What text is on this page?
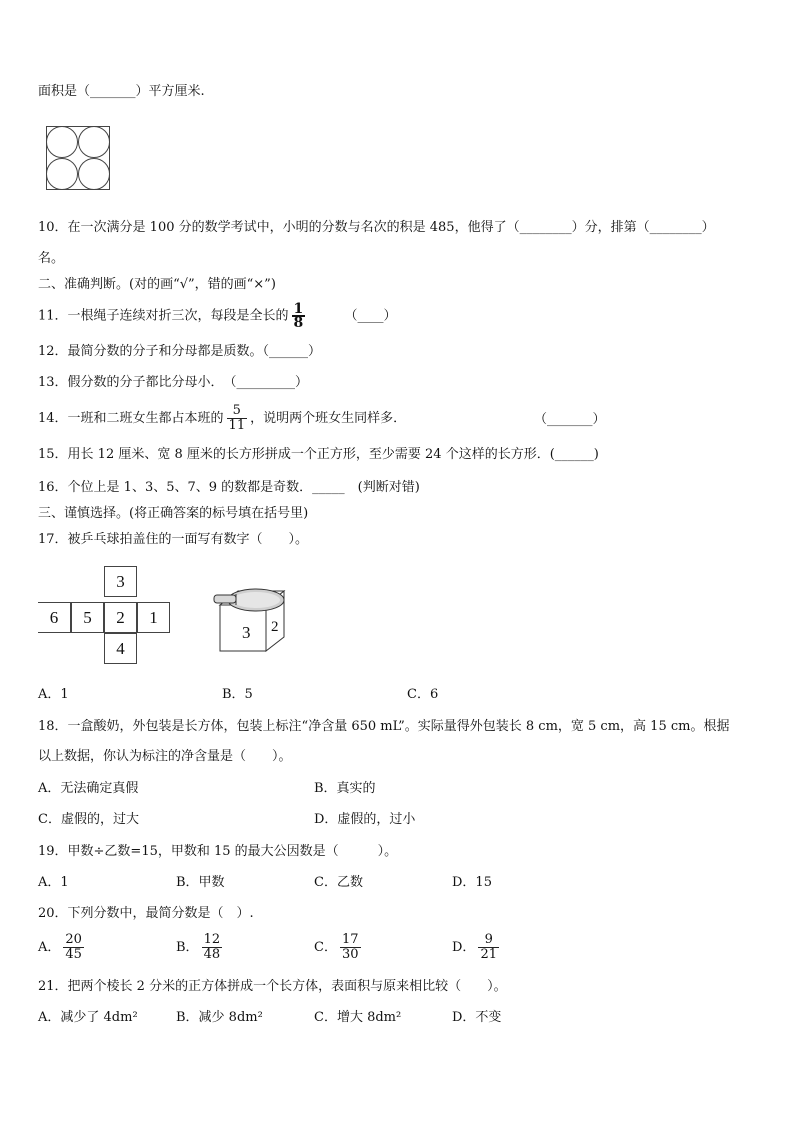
面积是（_______）平方厘米.
10．在一次满分是 100 分的数学考试中，小明的分数与名次的积是 485，他得了（________）分，排第（________）
名。
二、准确判断。(对的画“√”，错的画“×”)
11．一根绳子连续对折三次，每段是全长的 $\frac{1}{8}$	（____）
12．最简分数的分子和分母都是质数。（______）
13．假分数的分子都比分母小．　（_________）
14．一班和二班女生都占本班的 $\frac{5}{11}$ ，说明两个班女生同样多．	（_______）
15．用长 12 厘米、宽 8 厘米的长方形拼成一个正方形，至少需要 24 个这样的长方形．(______)
16．个位上是 1、3、5、7、9 的数都是奇数．_____　(判断对错)
三、谨慎选择。(将正确答案的标号填在括号里)
17．被乒乓球拍盖住的一面写有数字（　　）。
3
6	5	2	1
4
3 2
A．1	B．5	C．6
18．一盒酸奶，外包装是长方体，包装上标注“净含量 650 mL”。实际量得外包装长 8 cm，宽 5 cm，高 15 cm。根据
以上数据，你认为标注的净含量是（　　）。
A．无法确定真假	B．真实的
C．虚假的，过大	D．虚假的，过小
19．甲数÷乙数=15，甲数和 15 的最大公因数是（　　　）。
A．1	B．甲数	C．乙数	D．15
20．下列分数中，最简分数是（　）.
A． $\frac{20}{45}$	B． $\frac{12}{48}$	C． $\frac{17}{30}$	D． $\frac{9}{21}$
21．把两个棱长 2 分米的正方体拼成一个长方体，表面积与原来相比较（　　）。
A．减少了 4dm²	B．减少 8dm²	C．增大 8dm²	D．不变
